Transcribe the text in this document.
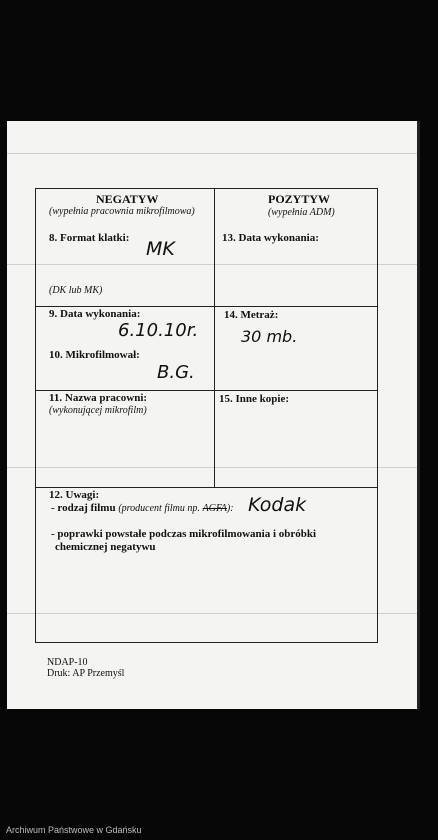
NEGATYW
(wypełnia pracownia mikrofilmowa)
POZYTYW
(wypełnia ADM)
8. Format klatki: MK
(DK lub MK)
13. Data wykonania:
9. Data wykonania:
6.10.10r.
14. Metraż:
30 mb.
10. Mikrofilmował:
B.G.
11. Nazwa pracowni:
(wykonującej mikrofilm)
15. Inne kopie:
12. Uwagi:
- rodzaj filmu (producent filmu np. AGFA): Kodak
- poprawki powstałe podczas mikrofilmowania i obróbki
chemicznej negatywu
NDAP-10
Druk: AP Przemyśl
Archiwum Państwowe w Gdańsku
